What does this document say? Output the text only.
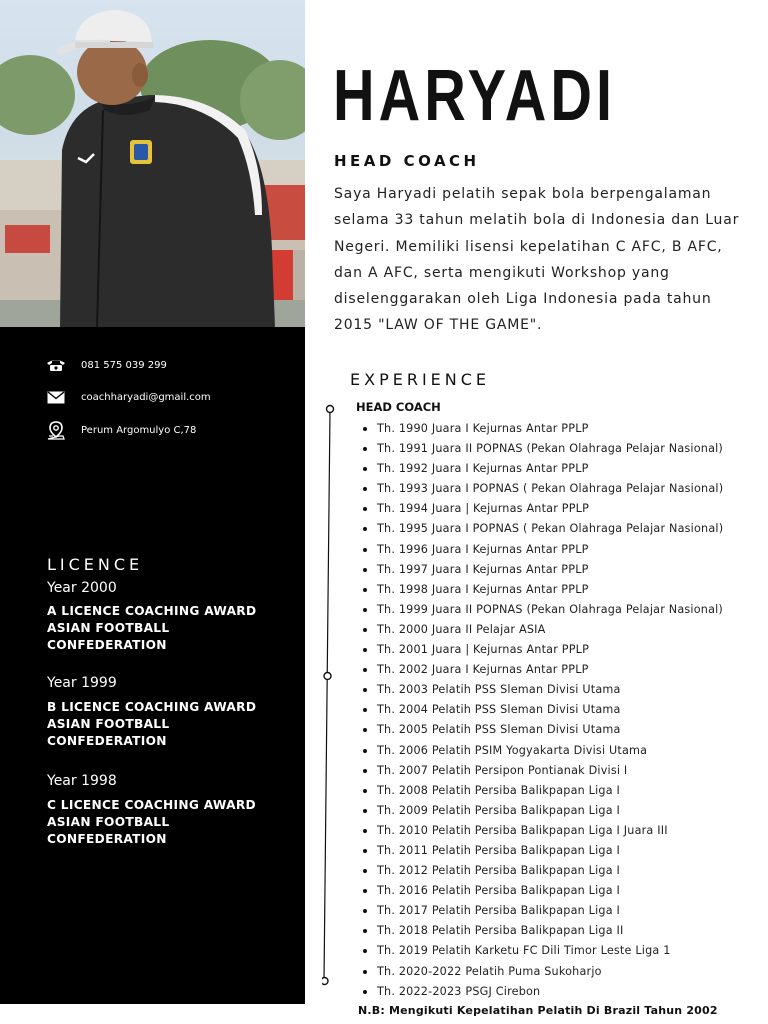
081 575 039 299
coachharyadi@gmail.com
Perum Argomulyo C,78
LICENCE
Year 2000
A LICENCE COACHING AWARD ASIAN FOOTBALL CONFEDERATION
Year 1999
B LICENCE COACHING AWARD ASIAN FOOTBALL CONFEDERATION
Year 1998
C LICENCE COACHING AWARD ASIAN FOOTBALL CONFEDERATION
HARYADI
HEAD COACH
Saya Haryadi pelatih sepak bola berpengalaman selama 33 tahun melatih bola di Indonesia dan Luar Negeri. Memiliki lisensi kepelatihan C AFC, B AFC, dan A AFC, serta mengikuti Workshop yang diselenggarakan oleh Liga Indonesia pada tahun 2015 "LAW OF THE GAME".
EXPERIENCE
HEAD COACH
Th. 1990 Juara I Kejurnas Antar PPLP
Th. 1991 Juara II POPNAS (Pekan Olahraga Pelajar Nasional)
Th. 1992 Juara I Kejurnas Antar PPLP
Th. 1993 Juara I POPNAS ( Pekan Olahraga Pelajar Nasional)
Th. 1994 Juara | Kejurnas Antar PPLP
Th. 1995 Juara I POPNAS ( Pekan Olahraga Pelajar Nasional)
Th. 1996 Juara I Kejurnas Antar PPLP
Th. 1997 Juara I Kejurnas Antar PPLP
Th. 1998 Juara I Kejurnas Antar PPLP
Th. 1999 Juara II POPNAS (Pekan Olahraga Pelajar Nasional)
Th. 2000 Juara II Pelajar ASIA
Th. 2001 Juara | Kejurnas Antar PPLP
Th. 2002 Juara I Kejurnas Antar PPLP
Th. 2003 Pelatih PSS Sleman Divisi Utama
Th. 2004 Pelatih PSS Sleman Divisi Utama
Th. 2005 Pelatih PSS Sleman Divisi Utama
Th. 2006 Pelatih PSIM Yogyakarta Divisi Utama
Th. 2007 Pelatih Persipon Pontianak Divisi I
Th. 2008 Pelatih Persiba Balikpapan Liga I
Th. 2009 Pelatih Persiba Balikpapan Liga I
Th. 2010 Pelatih Persiba Balikpapan Liga I Juara III
Th. 2011 Pelatih Persiba Balikpapan Liga I
Th. 2012 Pelatih Persiba Balikpapan Liga I
Th. 2016 Pelatih Persiba Balikpapan Liga I
Th. 2017 Pelatih Persiba Balikpapan Liga I
Th. 2018 Pelatih Persiba Balikpapan Liga II
Th. 2019 Pelatih Karketu FC Dili Timor Leste Liga 1
Th. 2020-2022 Pelatih Puma Sukoharjo
Th. 2022-2023 PSGJ Cirebon
N.B: Mengikuti Kepelatihan Pelatih Di Brazil Tahun 2002
